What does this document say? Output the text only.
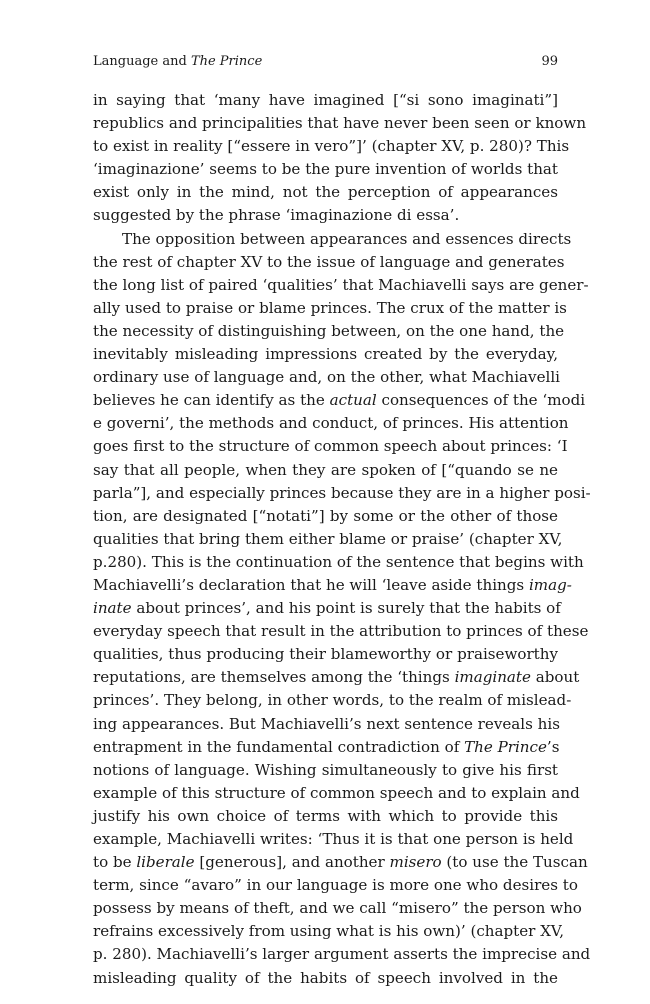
Language and The Prince	99
in saying that ‘many have imagined [“si sono imaginati”]
republics and principalities that have never been seen or known
to exist in reality [“essere in vero”]’ (chapter XV, p. 280)? This
‘imaginazione’ seems to be the pure invention of worlds that
exist only in the mind, not the perception of appearances
suggested by the phrase ‘imaginazione di essa’.
The opposition between appearances and essences directs
the rest of chapter XV to the issue of language and generates
the long list of paired ‘qualities’ that Machiavelli says are gener-
ally used to praise or blame princes. The crux of the matter is
the necessity of distinguishing between, on the one hand, the
inevitably misleading impressions created by the everyday,
ordinary use of language and, on the other, what Machiavelli
believes he can identify as the actual consequences of the ‘modi
e governi’, the methods and conduct, of princes. His attention
goes first to the structure of common speech about princes: ‘I
say that all people, when they are spoken of [“quando se ne
parla”], and especially princes because they are in a higher posi-
tion, are designated [“notati”] by some or the other of those
qualities that bring them either blame or praise’ (chapter XV,
p.280). This is the continuation of the sentence that begins with
Machiavelli’s declaration that he will ‘leave aside things imag-
inate about princes’, and his point is surely that the habits of
everyday speech that result in the attribution to princes of these
qualities, thus producing their blameworthy or praiseworthy
reputations, are themselves among the ‘things imaginate about
princes’. They belong, in other words, to the realm of mislead-
ing appearances. But Machiavelli’s next sentence reveals his
entrapment in the fundamental contradiction of The Prince’s
notions of language. Wishing simultaneously to give his first
example of this structure of common speech and to explain and
justify his own choice of terms with which to provide this
example, Machiavelli writes: ‘Thus it is that one person is held
to be liberale [generous], and another misero (to use the Tuscan
term, since “avaro” in our language is more one who desires to
possess by means of theft, and we call “misero” the person who
refrains excessively from using what is his own)’ (chapter XV,
p. 280). Machiavelli’s larger argument asserts the imprecise and
misleading quality of the habits of speech involved in the
